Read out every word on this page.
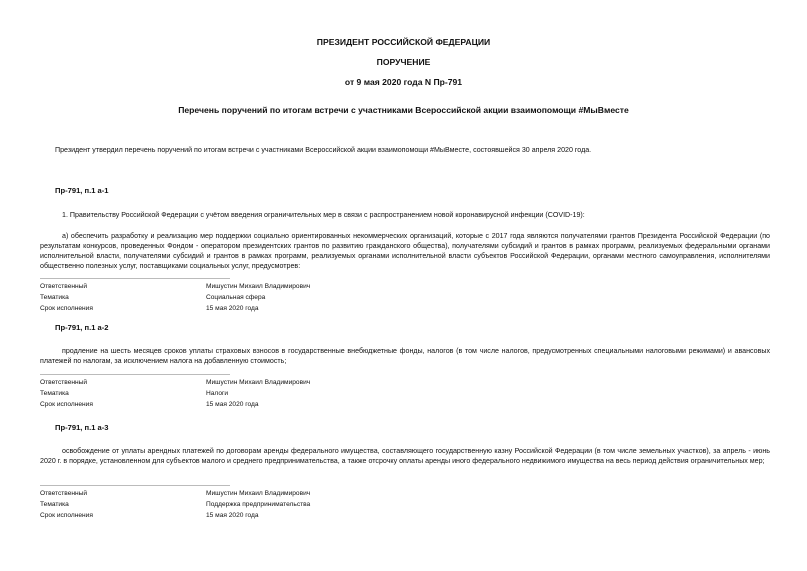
ПРЕЗИДЕНТ РОССИЙСКОЙ ФЕДЕРАЦИИ
ПОРУЧЕНИЕ
от 9 мая 2020 года N Пр-791
Перечень поручений по итогам встречи с участниками Всероссийской акции взаимопомощи #МыВместе

Президент утвердил перечень поручений по итогам встречи с участниками Всероссийской акции взаимопомощи #МыВместе, состоявшейся 30 апреля 2020 года.

Пр-791, п.1 а-1

1. Правительству Российской Федерации с учётом введения ограничительных мер в связи с распространением новой коронавирусной инфекции (COVID-19):

а) обеспечить разработку и реализацию мер поддержки социально ориентированных некоммерческих организаций, которые с 2017 года являются получателями грантов Президента Российской Федерации (по результатам конкурсов, проведенных Фондом - оператором президентских грантов по развитию гражданского общества), получателями субсидий и грантов в рамках программ, реализуемых федеральными органами исполнительной власти, получателями субсидий и грантов в рамках программ, реализуемых органами исполнительной власти субъектов Российской Федерации, органами местного самоуправления, исполнителями общественно полезных услуг, поставщиками социальных услуг, предусмотрев:

Ответственный	Мишустин Михаил Владимирович
Тематика	Социальная сфера
Срок исполнения	15 мая 2020 года
Пр-791, п.1 а-2

продление на шесть месяцев сроков уплаты страховых взносов в государственные внебюджетные фонды, налогов (в том числе налогов, предусмотренных специальными налоговыми режимами) и авансовых платежей по налогам, за исключением налога на добавленную стоимость;

Ответственный	Мишустин Михаил Владимирович
Тематика	Налоги
Срок исполнения	15 мая 2020 года
Пр-791, п.1 а-3

освобождение от уплаты арендных платежей по договорам аренды федерального имущества, составляющего государственную казну Российской Федерации (в том числе земельных участков), за апрель - июнь 2020 г. в порядке, установленном для субъектов малого и среднего предпринимательства, а также отсрочку оплаты аренды иного федерального недвижимого имущества на весь период действия ограничительных мер;

Ответственный	Мишустин Михаил Владимирович
Тематика	Поддержка предпринимательства
Срок исполнения	15 мая 2020 года
